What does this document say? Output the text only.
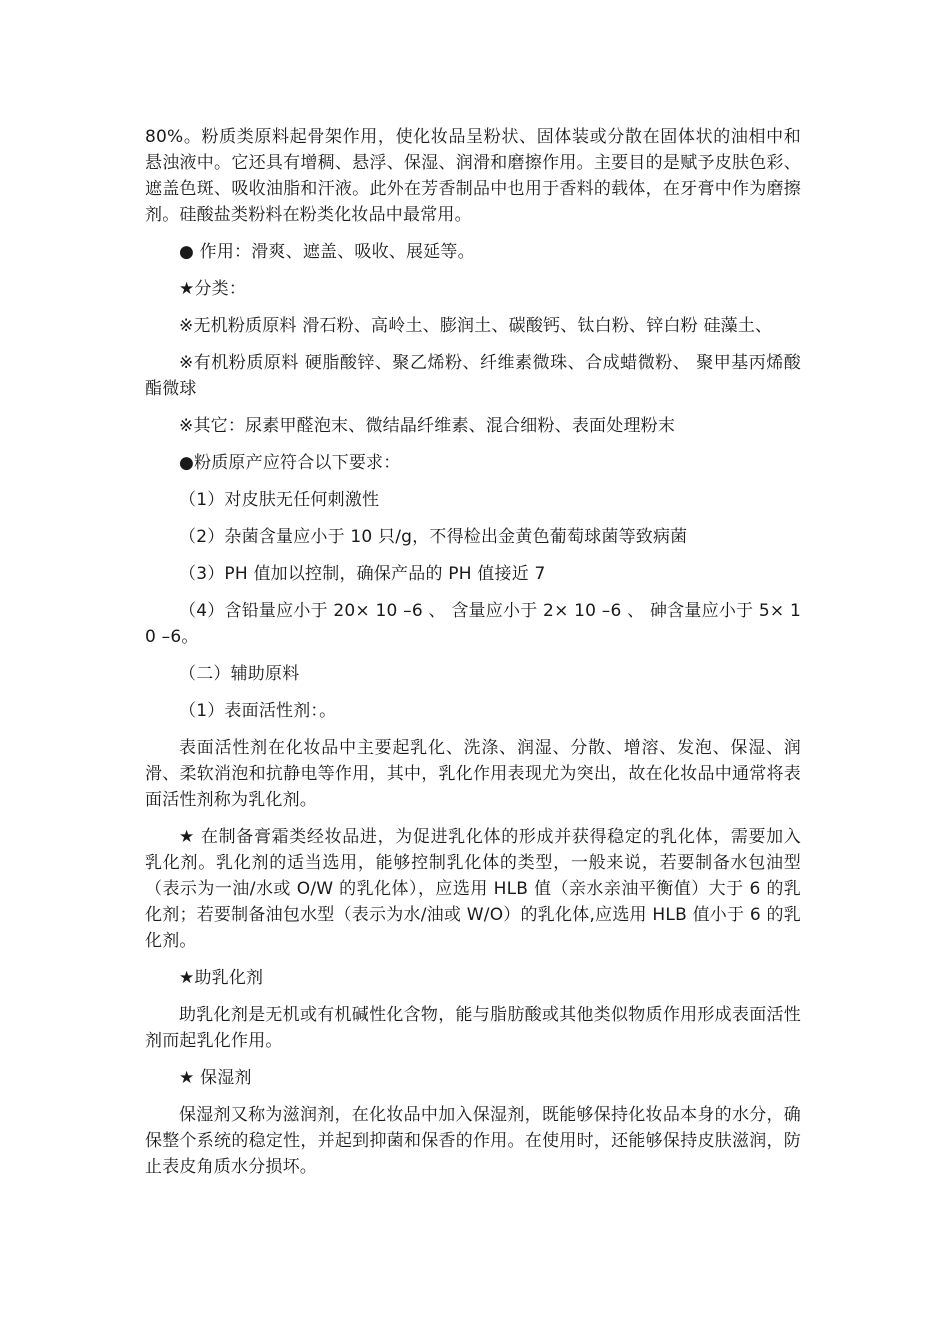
80%。粉质类原料起骨架作用，使化妆品呈粉状、固体装或分散在固体状的油相中和悬浊液中。它还具有增稠、悬浮、保湿、润滑和磨擦作用。主要目的是赋予皮肤色彩、遮盖色斑、吸收油脂和汗液。此外在芳香制品中也用于香料的载体，在牙膏中作为磨擦剂。硅酸盐类粉料在粉类化妆品中最常用。

● 作用：滑爽、遮盖、吸收、展延等。

★分类：

※无机粉质原料 滑石粉、高岭土、膨润土、碳酸钙、钛白粉、锌白粉 硅藻土、

※有机粉质原料 硬脂酸锌、聚乙烯粉、纤维素微珠、合成蜡微粉、 聚甲基丙烯酸酯微球

※其它：尿素甲醛泡末、微结晶纤维素、混合细粉、表面处理粉末

●粉质原产应符合以下要求：

（1）对皮肤无任何刺激性

（2）杂菌含量应小于 10 只/g，不得检出金黄色葡萄球菌等致病菌

（3）PH 值加以控制，确保产品的 PH 值接近 7

（4）含铅量应小于 20× 10 –6 、 含量应小于 2× 10 –6 、 砷含量应小于 5× 10 –6。

（二）辅助原料

（1）表面活性剂：。

表面活性剂在化妆品中主要起乳化、洗涤、润湿、分散、增溶、发泡、保湿、润滑、柔软消泡和抗静电等作用，其中，乳化作用表现尤为突出，故在化妆品中通常将表面活性剂称为乳化剂。

★ 在制备膏霜类经妆品进，为促进乳化体的形成并获得稳定的乳化体，需要加入乳化剂。乳化剂的适当选用，能够控制乳化体的类型，一般来说，若要制备水包油型（表示为一油/水或 O/W 的乳化体），应选用 HLB 值（亲水亲油平衡值）大于 6 的乳化剂；若要制备油包水型（表示为水/油或 W/O）的乳化体,应选用 HLB 值小于 6 的乳化剂。

★助乳化剂

助乳化剂是无机或有机碱性化含物，能与脂肪酸或其他类似物质作用形成表面活性剂而起乳化作用。

★ 保湿剂

保湿剂又称为滋润剂，在化妆品中加入保湿剂，既能够保持化妆品本身的水分，确保整个系统的稳定性，并起到抑菌和保香的作用。在使用时，还能够保持皮肤滋润，防止表皮角质水分损坏。
